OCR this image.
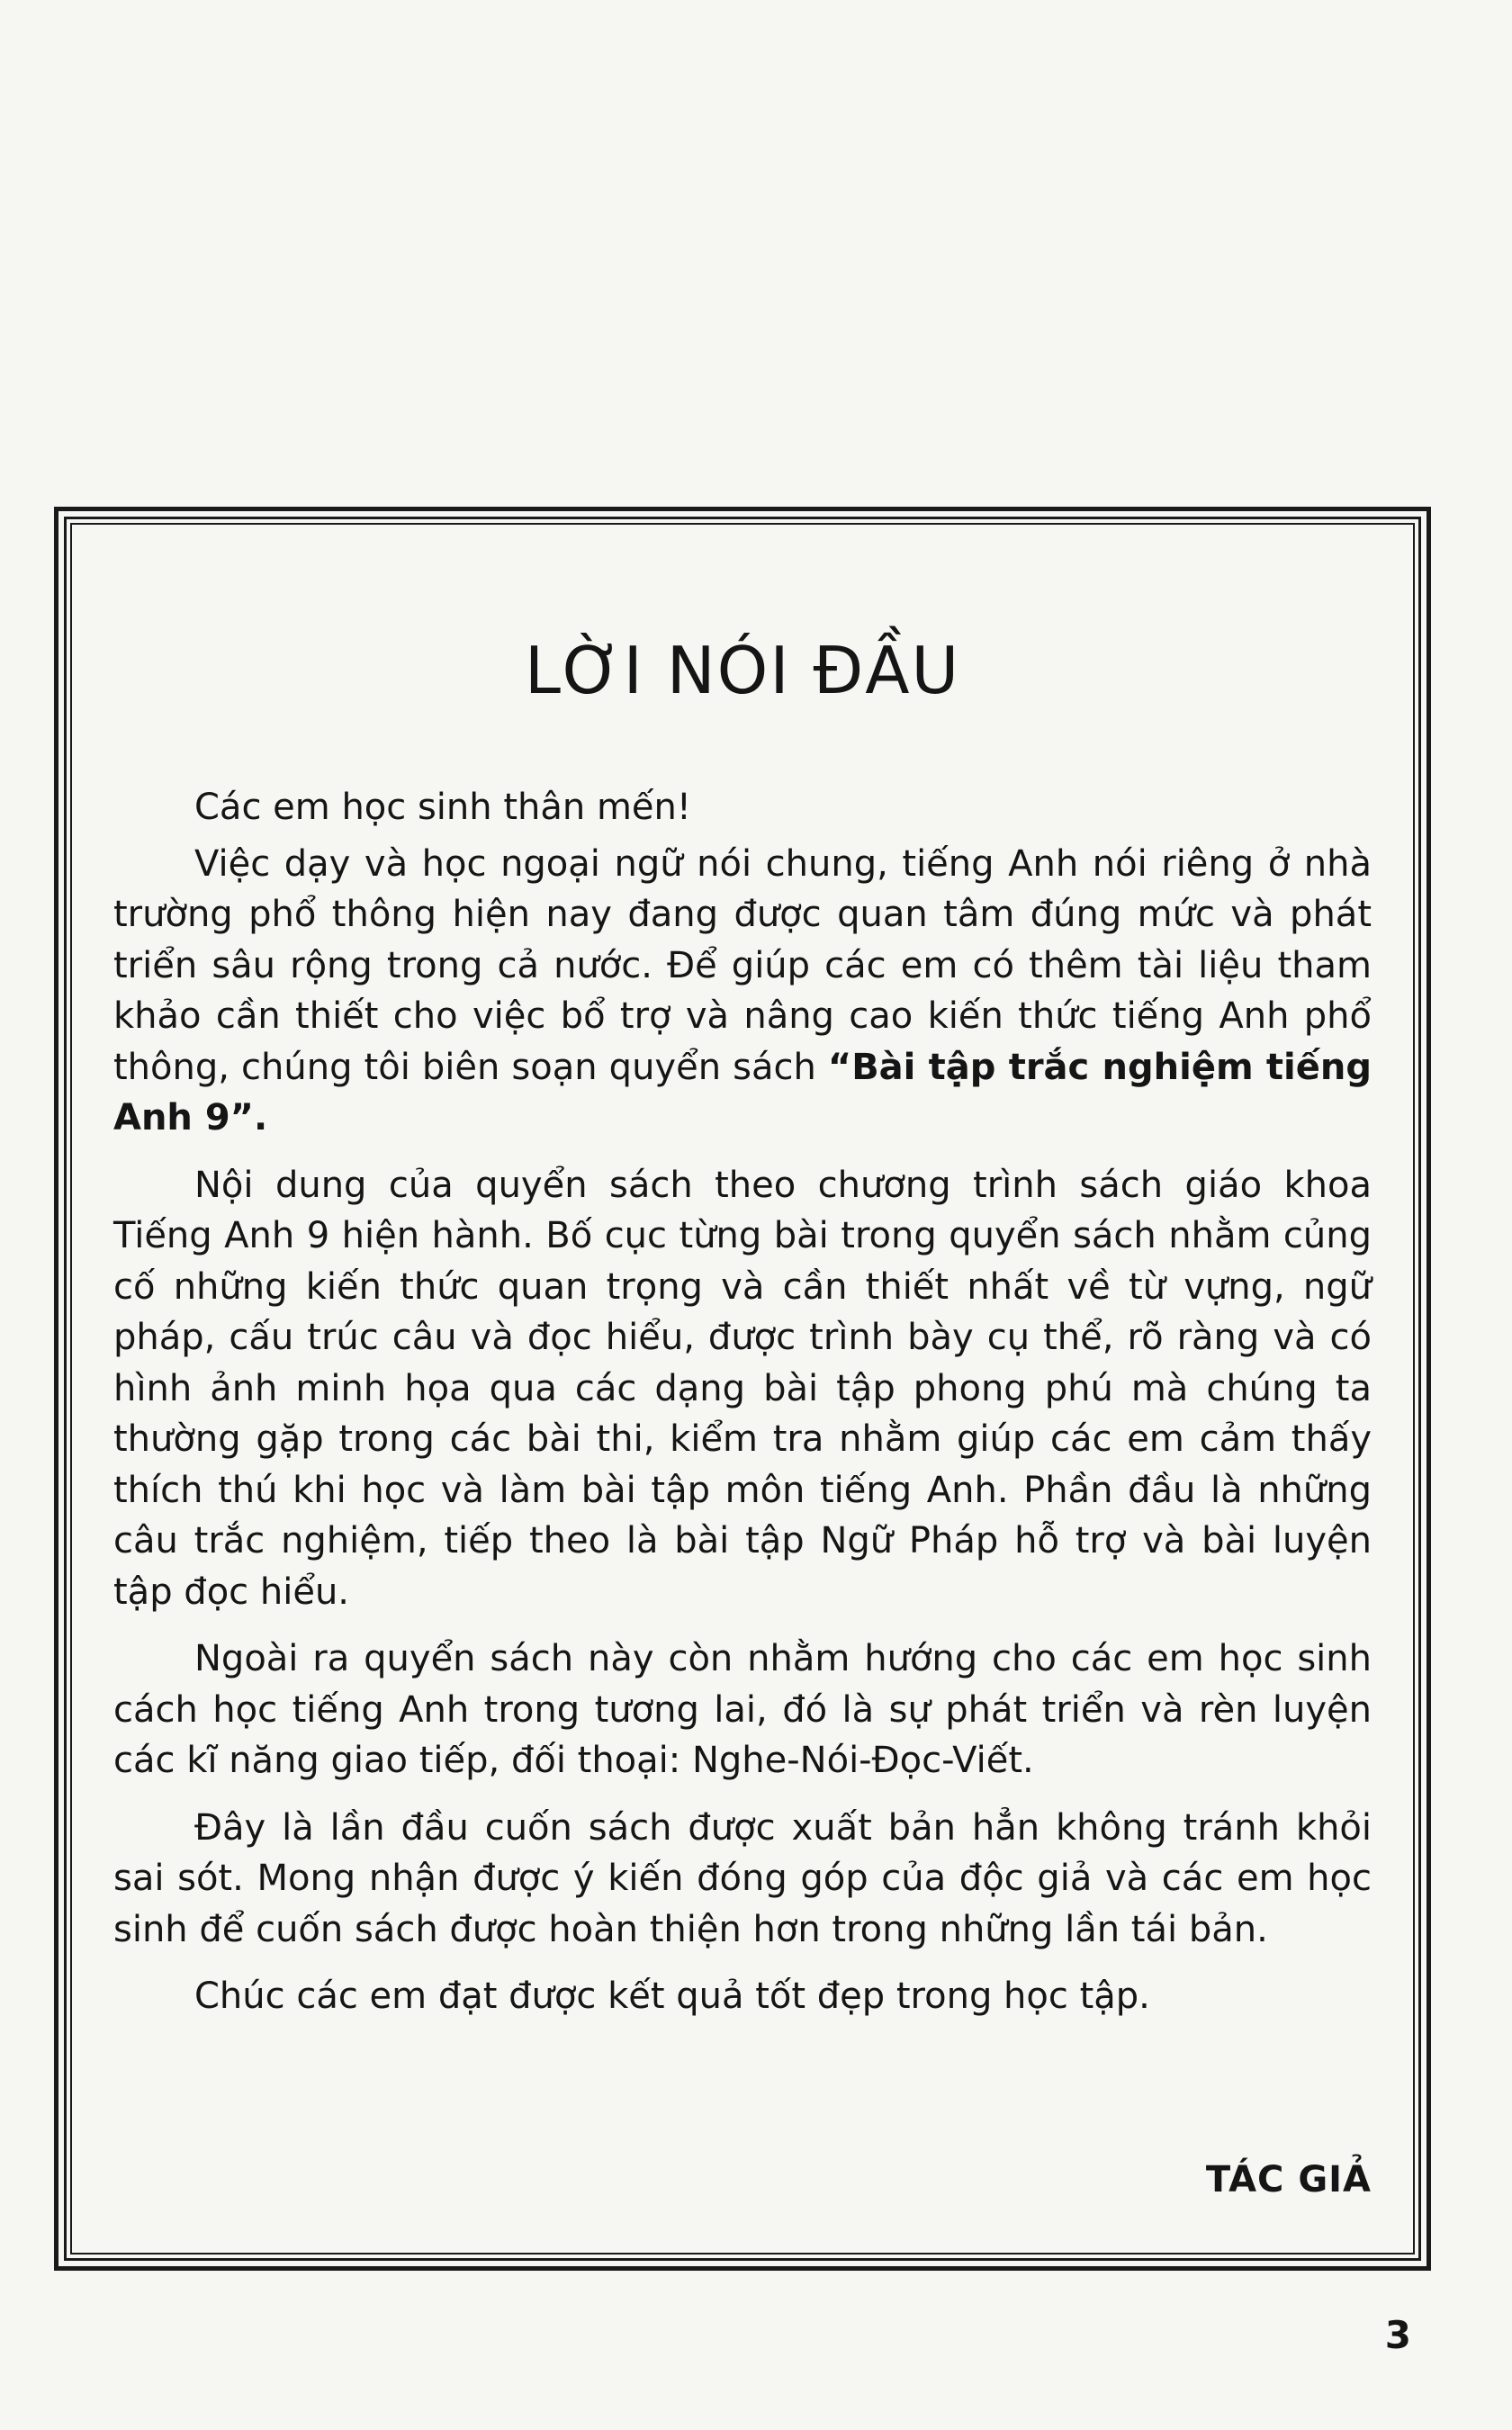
LỜI NÓI ĐẦU

Các em học sinh thân mến!

Việc dạy và học ngoại ngữ nói chung, tiếng Anh nói riêng ở nhà trường phổ thông hiện nay đang được quan tâm đúng mức và phát triển sâu rộng trong cả nước. Để giúp các em có thêm tài liệu tham khảo cần thiết cho việc bổ trợ và nâng cao kiến thức tiếng Anh phổ thông, chúng tôi biên soạn quyển sách “Bài tập trắc nghiệm tiếng Anh 9”.

Nội dung của quyển sách theo chương trình sách giáo khoa Tiếng Anh 9 hiện hành. Bố cục từng bài trong quyển sách nhằm củng cố những kiến thức quan trọng và cần thiết nhất về từ vựng, ngữ pháp, cấu trúc câu và đọc hiểu, được trình bày cụ thể, rõ ràng và có hình ảnh minh họa qua các dạng bài tập phong phú mà chúng ta thường gặp trong các bài thi, kiểm tra nhằm giúp các em cảm thấy thích thú khi học và làm bài tập môn tiếng Anh. Phần đầu là những câu trắc nghiệm, tiếp theo là bài tập Ngữ Pháp hỗ trợ và bài luyện tập đọc hiểu.

Ngoài ra quyển sách này còn nhằm hướng cho các em học sinh cách học tiếng Anh trong tương lai, đó là sự phát triển và rèn luyện các kĩ năng giao tiếp, đối thoại: Nghe-Nói-Đọc-Viết.

Đây là lần đầu cuốn sách được xuất bản hẳn không tránh khỏi sai sót. Mong nhận được ý kiến đóng góp của độc giả và các em học sinh để cuốn sách được hoàn thiện hơn trong những lần tái bản.

Chúc các em đạt được kết quả tốt đẹp trong học tập.

TÁC GIẢ
3
